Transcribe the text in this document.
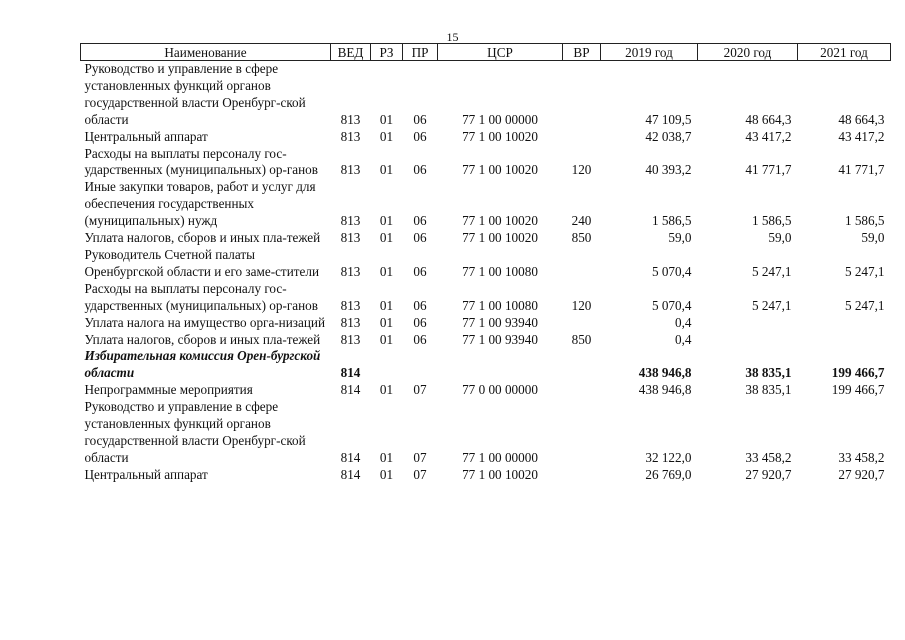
15
Наименование	ВЕД	РЗ	ПР	ЦСР	ВР	2019 год	2020 год	2021 год
Руководство и управление в сфере установленных функций органов государственной власти Оренбург-ской области	813	01	06	77 1 00 00000		47 109,5	48 664,3	48 664,3
Центральный аппарат	813	01	06	77 1 00 10020		42 038,7	43 417,2	43 417,2
Расходы на выплаты персоналу гос-ударственных (муниципальных) ор-ганов	813	01	06	77 1 00 10020	120	40 393,2	41 771,7	41 771,7
Иные закупки товаров, работ и услуг для обеспечения государственных (муниципальных) нужд	813	01	06	77 1 00 10020	240	1 586,5	1 586,5	1 586,5
Уплата налогов, сборов и иных пла-тежей	813	01	06	77 1 00 10020	850	59,0	59,0	59,0
Руководитель Счетной палаты Оренбургской области и его заме-стители	813	01	06	77 1 00 10080		5 070,4	5 247,1	5 247,1
Расходы на выплаты персоналу гос-ударственных (муниципальных) ор-ганов	813	01	06	77 1 00 10080	120	5 070,4	5 247,1	5 247,1
Уплата налога на имущество орга-низаций	813	01	06	77 1 00 93940		0,4		
Уплата налогов, сборов и иных пла-тежей	813	01	06	77 1 00 93940	850	0,4		
Избирательная комиссия Орен-бургской области	814					438 946,8	38 835,1	199 466,7
Непрограммные мероприятия	814	01	07	77 0 00 00000		438 946,8	38 835,1	199 466,7
Руководство и управление в сфере установленных функций органов государственной власти Оренбург-ской области	814	01	07	77 1 00 00000		32 122,0	33 458,2	33 458,2
Центральный аппарат	814	01	07	77 1 00 10020		26 769,0	27 920,7	27 920,7
